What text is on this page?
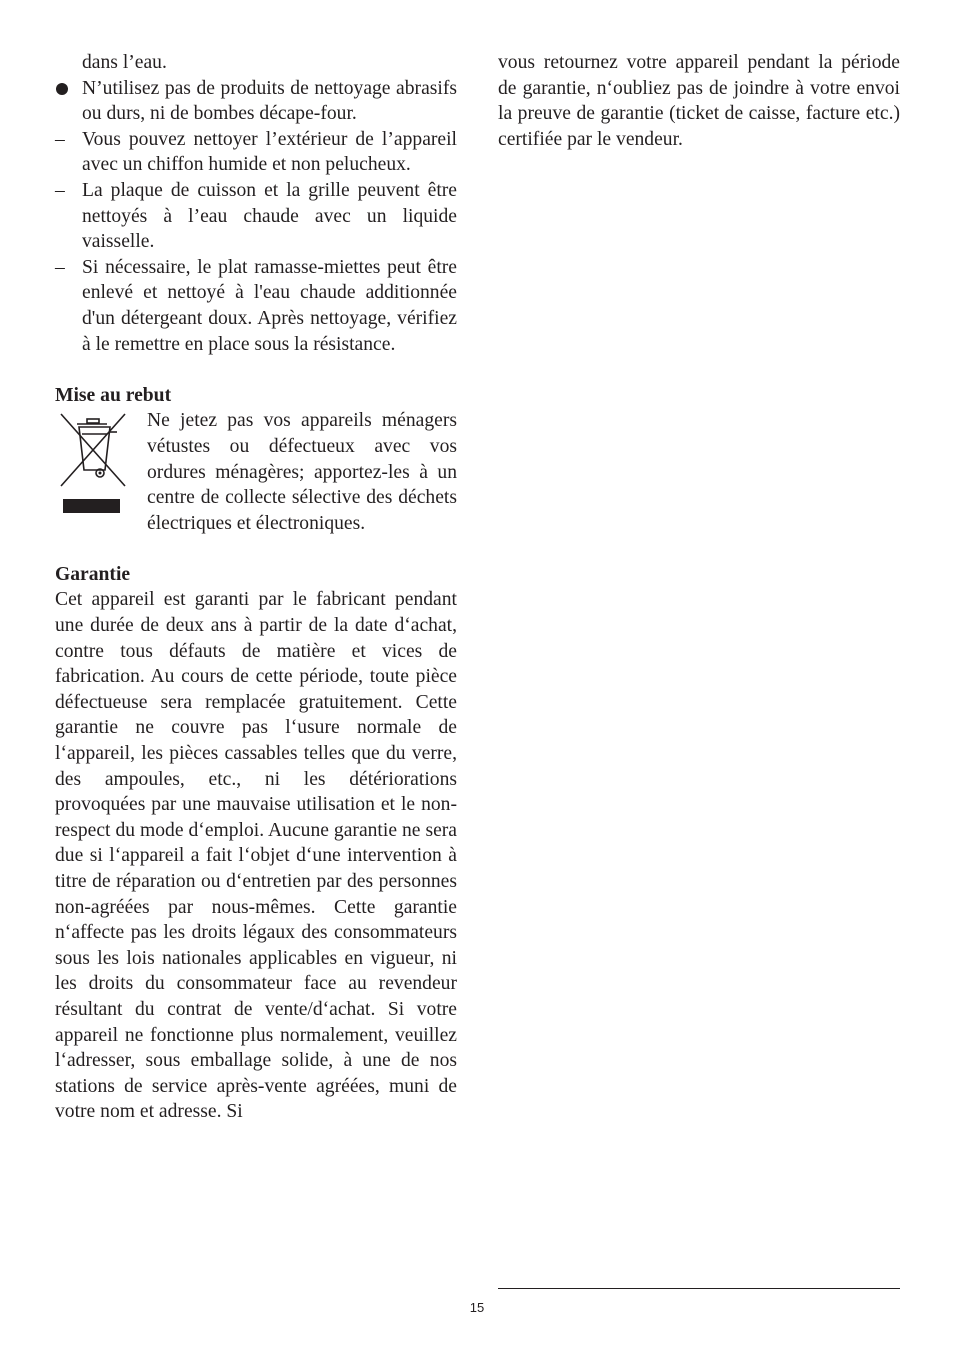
dans l’eau.

N’utilisez pas de produits de nettoyage abrasifs ou durs, ni de bombes décape-four.
– Vous pouvez nettoyer l’extérieur de l’appareil avec un chiffon humide et non pelucheux.
– La plaque de cuisson et la grille peuvent être nettoyés à l’eau chaude avec un liquide vaisselle.
– Si nécessaire, le plat ramasse-miettes peut être enlevé et nettoyé à l'eau chaude additionnée d'un détergeant doux. Après nettoyage, vérifiez à le remettre en place sous la résistance.
Mise au rebut
Ne jetez pas vos appareils ménagers vétustes ou défectueux avec vos ordures ménagères; apportez-les à un centre de collecte sélective des déchets électriques et électroniques.
Garantie

Cet appareil est garanti par le fabricant pendant une durée de deux ans à partir de la date d‘achat, contre tous défauts de matière et vices de fabrication. Au cours de cette période, toute pièce défectueuse sera remplacée gratuitement. Cette garantie ne couvre pas l‘usure normale de l‘appareil, les pièces cassables telles que du verre, des ampoules, etc., ni les détériorations provoquées par une mauvaise utilisation et le non-respect du mode d‘emploi. Aucune garantie ne sera due si l‘appareil a fait l‘objet d‘une intervention à titre de réparation ou d‘entretien par des personnes non-agréées par nous-mêmes. Cette garantie n‘affecte pas les droits légaux des consommateurs sous les lois nationales applicables en vigueur, ni les droits du consommateur face au revendeur résultant du contrat de vente/d‘achat. Si votre appareil ne fonctionne plus normalement, veuillez l‘adresser, sous emballage solide, à une de nos stations de service après-vente agréées, muni de votre nom et adresse. Si

vous retournez votre appareil pendant la période de garantie, n‘oubliez pas de joindre à votre envoi la preuve de garantie (ticket de caisse, facture etc.) certifiée par le vendeur.

15
